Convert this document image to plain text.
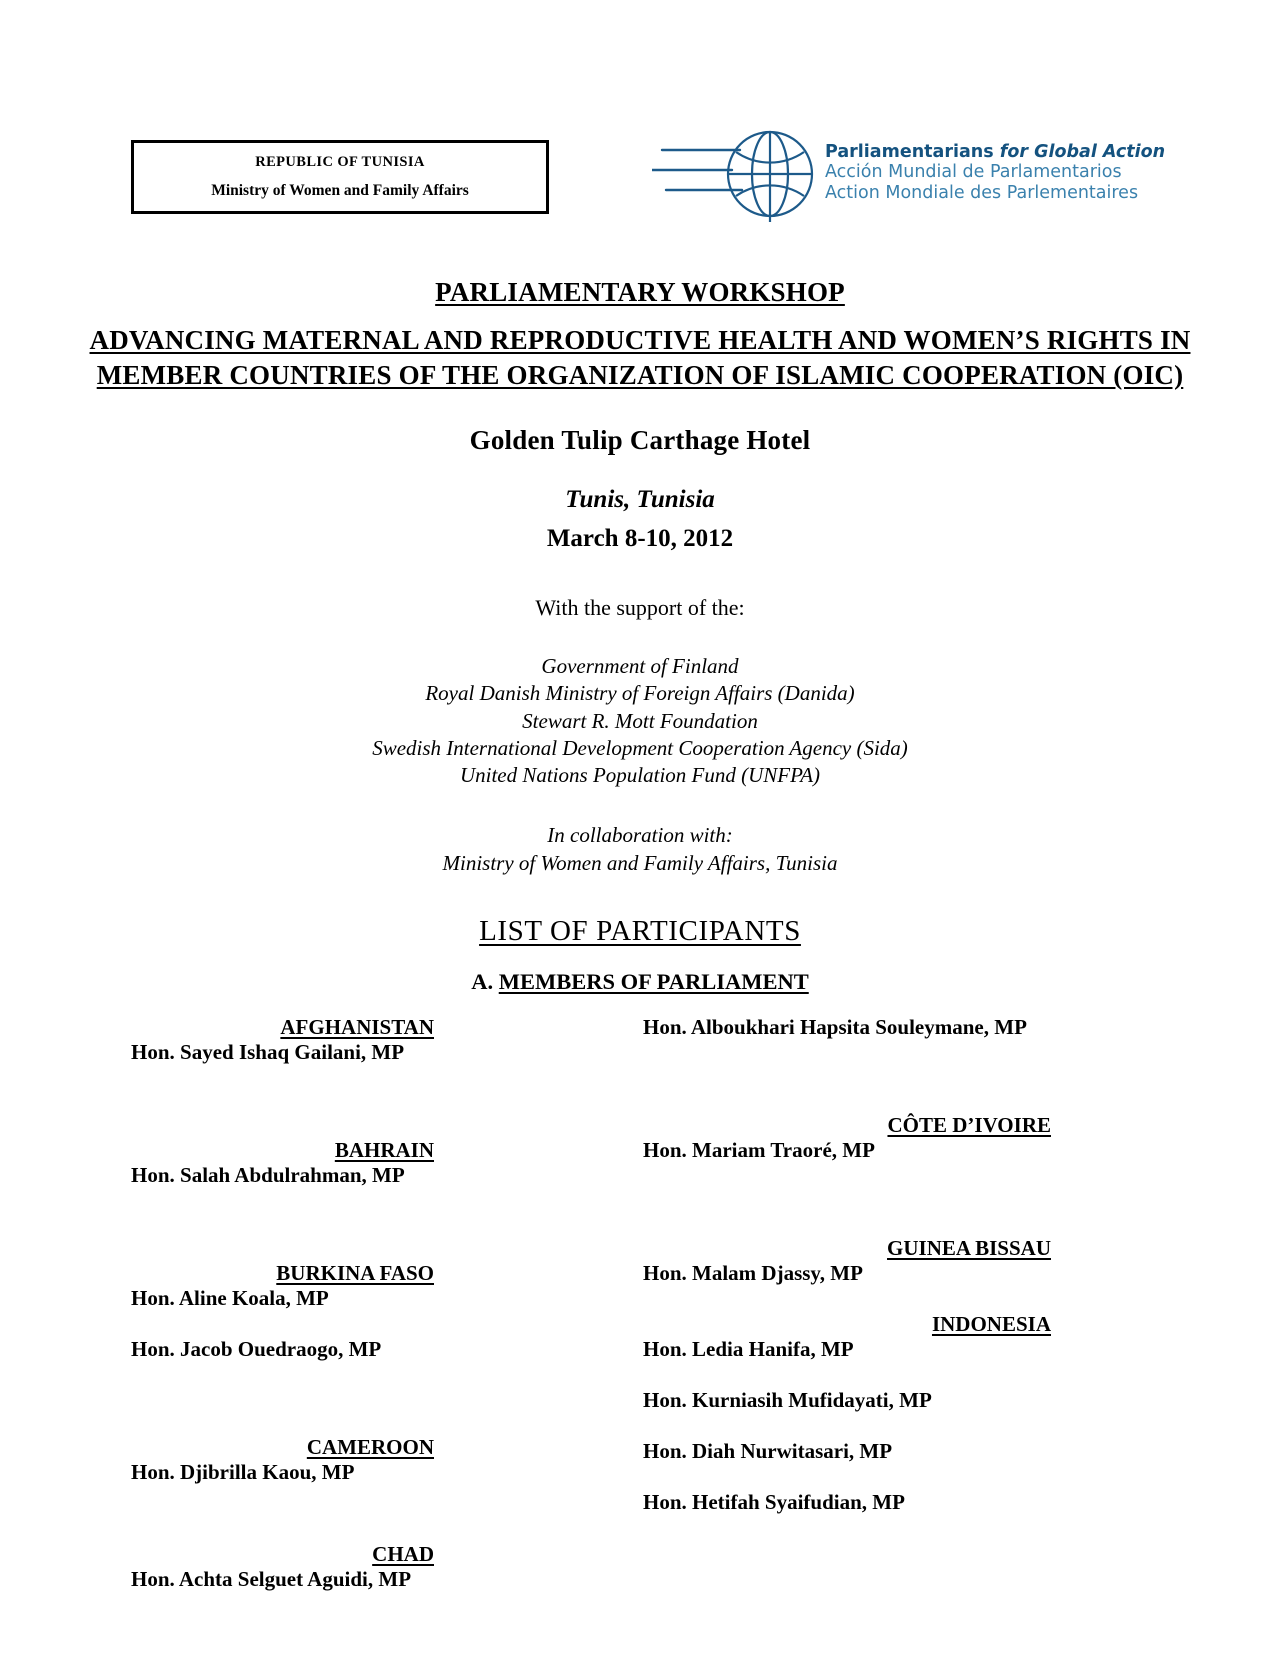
REPUBLIC OF TUNISIA
Ministry of Women and Family Affairs
Parliamentarians for Global Action
Acción Mundial de Parlamentarios
Action Mondiale des Parlementaires
PARLIAMENTARY WORKSHOP
ADVANCING MATERNAL AND REPRODUCTIVE HEALTH AND WOMEN’S RIGHTS IN
MEMBER COUNTRIES OF THE ORGANIZATION OF ISLAMIC COOPERATION (OIC)
Golden Tulip Carthage Hotel
Tunis, Tunisia
March 8-10, 2012
With the support of the:
Government of Finland
Royal Danish Ministry of Foreign Affairs (Danida)
Stewart R. Mott Foundation
Swedish International Development Cooperation Agency (Sida)
United Nations Population Fund (UNFPA)
In collaboration with:
Ministry of Women and Family Affairs, Tunisia
LIST OF PARTICIPANTS
A. MEMBERS OF PARLIAMENT
AFGHANISTAN
Hon. Sayed Ishaq Gailani, MP
BAHRAIN
Hon. Salah Abdulrahman, MP
BURKINA FASO
Hon. Aline Koala, MP
Hon. Jacob Ouedraogo, MP
CAMEROON
Hon. Djibrilla Kaou, MP
CHAD
Hon. Achta Selguet Aguidi, MP
Hon. Alboukhari Hapsita Souleymane, MP
CÔTE D’IVOIRE
Hon. Mariam Traoré, MP
GUINEA BISSAU
Hon. Malam Djassy, MP
INDONESIA
Hon. Ledia Hanifa, MP
Hon. Kurniasih Mufidayati, MP
Hon. Diah Nurwitasari, MP
Hon. Hetifah Syaifudian, MP
